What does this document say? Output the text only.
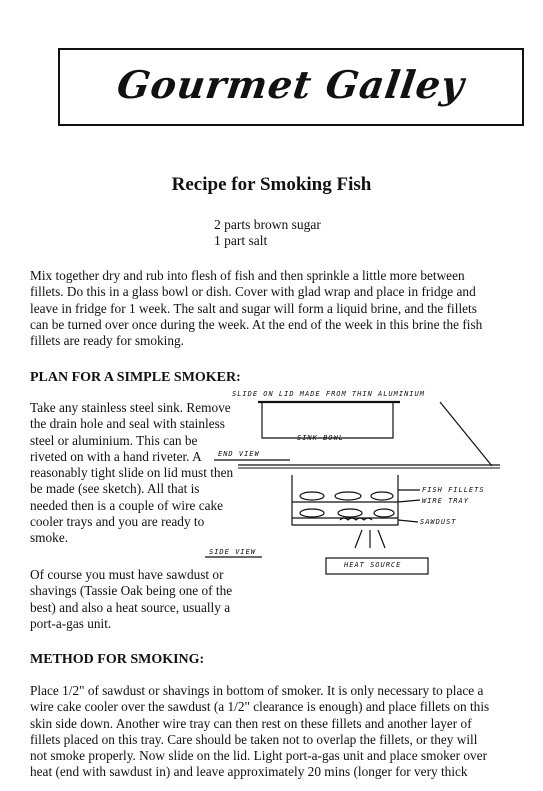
Gourmet Galley
Recipe for Smoking Fish
2 parts brown sugar
1 part salt
Mix together dry and rub into flesh of fish and then sprinkle a little more between
fillets. Do this in a glass bowl or dish. Cover with glad wrap and place in fridge and
leave in fridge for 1 week. The salt and sugar will form a liquid brine, and the fillets
can be turned over once during the week. At the end of the week in this brine the fish
fillets are ready for smoking.
PLAN FOR A SIMPLE SMOKER:
Take any stainless steel sink. Remove
the drain hole and seal with stainless
steel or aluminium. This can be
riveted on with a hand riveter. A
reasonably tight slide on lid must then
be made (see sketch). All that is
needed then is a couple of wire cake
cooler trays and you are ready to
smoke.
Of course you must have sawdust or
shavings (Tassie Oak being one of the
best) and also a heat source, usually a
port-a-gas unit.
SLIDE ON LID MADE FROM THIN ALUMINIUM
SINK BOWL
END VIEW
FISH FILLETS
WIRE TRAY
SAWDUST
SIDE VIEW
HEAT SOURCE
METHOD FOR SMOKING:
Place 1/2" of sawdust or shavings in bottom of smoker. It is only necessary to place a
wire cake cooler over the sawdust (a 1/2" clearance is enough) and place fillets on this
skin side down. Another wire tray can then rest on these fillets and another layer of
fillets placed on this tray. Care should be taken not to overlap the fillets, or they will
not smoke properly. Now slide on the lid. Light port-a-gas unit and place smoker over
heat (end with sawdust in) and leave approximately 20 mins (longer for very thick
